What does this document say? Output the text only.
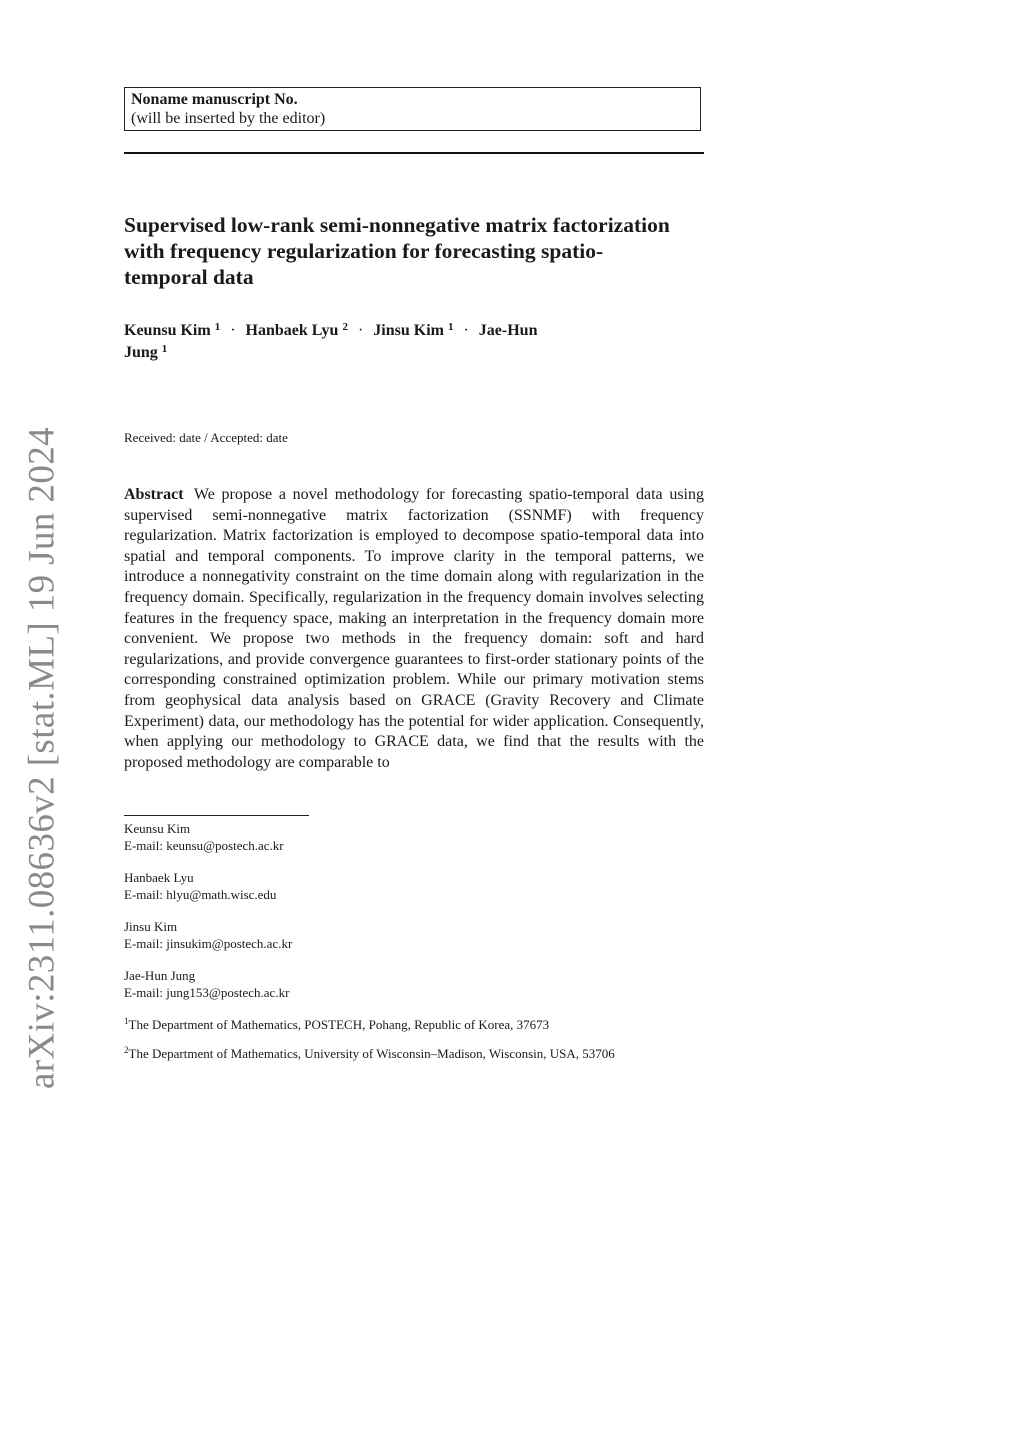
Noname manuscript No.
(will be inserted by the editor)
Supervised low-rank semi-nonnegative matrix factorization with frequency regularization for forecasting spatio-temporal data
Keunsu Kim $^1$ · Hanbaek Lyu $^2$ · Jinsu Kim $^1$ · Jae-Hun Jung $^1$
Received: date / Accepted: date

Abstract We propose a novel methodology for forecasting spatio-temporal data using supervised semi-nonnegative matrix factorization (SSNMF) with frequency regularization. Matrix factorization is employed to decompose spatio-temporal data into spatial and temporal components. To improve clarity in the temporal patterns, we introduce a nonnegativity constraint on the time domain along with regularization in the frequency domain. Specifically, regularization in the frequency domain involves selecting features in the frequency space, making an interpretation in the frequency domain more convenient. We propose two methods in the frequency domain: soft and hard regularizations, and provide convergence guarantees to first-order stationary points of the corresponding constrained optimization problem. While our primary motivation stems from geophysical data analysis based on GRACE (Gravity Recovery and Climate Experiment) data, our methodology has the potential for wider application. Consequently, when applying our methodology to GRACE data, we find that the results with the proposed methodology are comparable to

Keunsu Kim
E-mail: keunsu@postech.ac.kr
Hanbaek Lyu
E-mail: hlyu@math.wisc.edu
Jinsu Kim
E-mail: jinsukim@postech.ac.kr
Jae-Hun Jung
E-mail: jung153@postech.ac.kr
$^1$The Department of Mathematics, POSTECH, Pohang, Republic of Korea, 37673
$^2$The Department of Mathematics, University of Wisconsin–Madison, Wisconsin, USA, 53706
arXiv:2311.08636v2 [stat.ML] 19 Jun 2024
